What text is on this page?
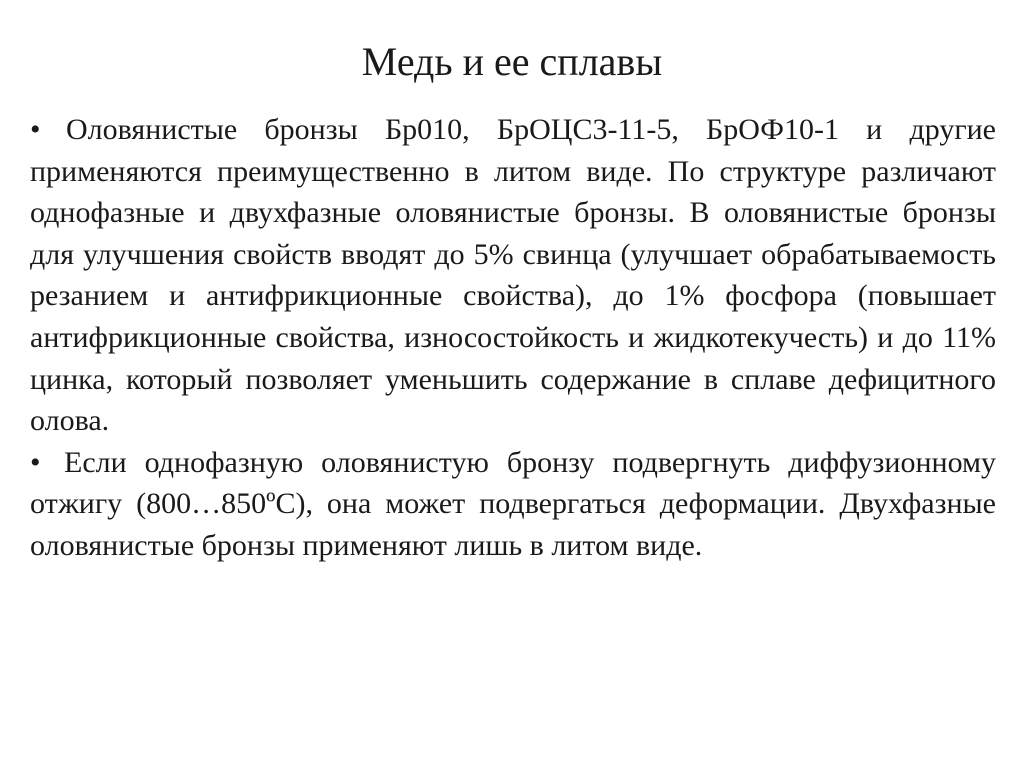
Медь и ее сплавы

• Оловянистые бронзы Бр010, БрОЦС3-11-5, БрОФ10-1 и другие применяются преимущественно в литом виде. По структуре различают однофазные и двухфазные оловянистые бронзы. В оловянистые бронзы для улучшения свойств вводят до 5% свинца (улучшает обрабатываемость резанием и антифрикционные свойства), до 1% фосфора (повышает антифрикционные свойства, износостойкость и жидкотекучесть) и до 11% цинка, который позволяет уменьшить содержание в сплаве дефицитного олова.

• Если однофазную оловянистую бронзу подвергнуть диффузионному отжигу (800…850ºС), она может подвергаться деформации. Двухфазные оловянистые бронзы применяют лишь в литом виде.
